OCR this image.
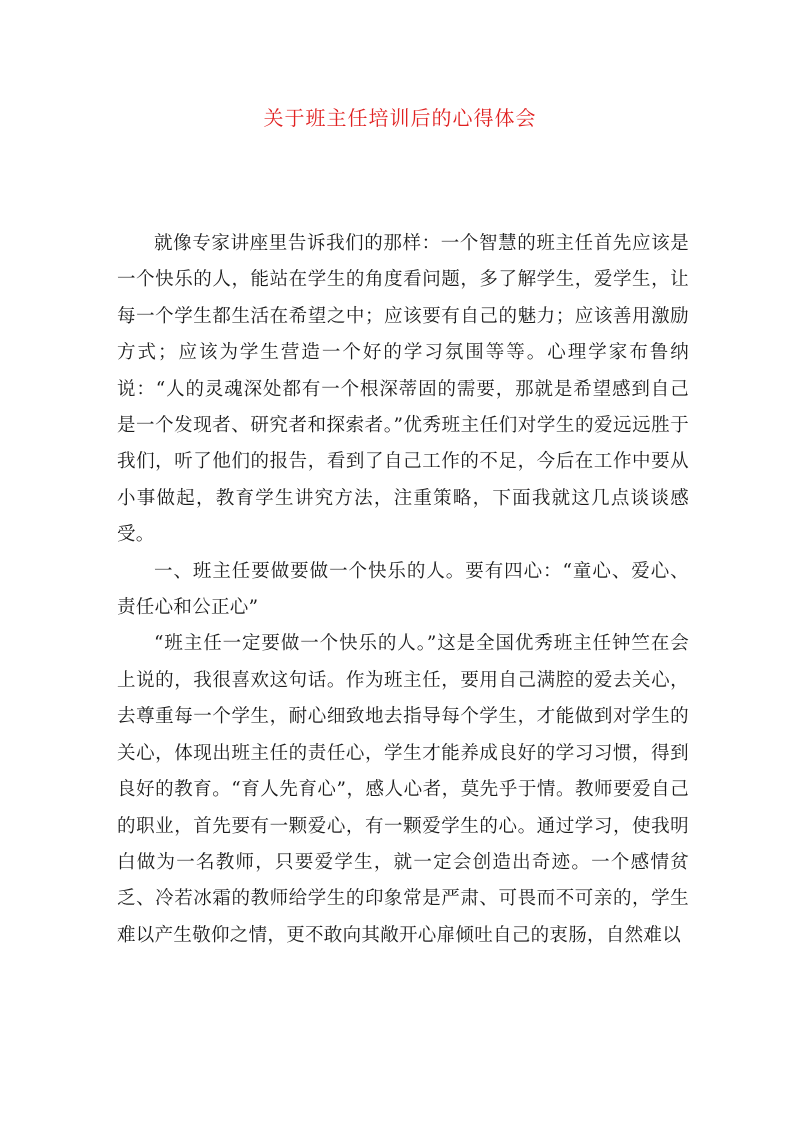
关于班主任培训后的心得体会

就像专家讲座里告诉我们的那样：一个智慧的班主任首先应该是一个快乐的人，能站在学生的角度看问题，多了解学生，爱学生，让每一个学生都生活在希望之中；应该要有自己的魅力；应该善用激励方式；应该为学生营造一个好的学习氛围等等。心理学家布鲁纳说：“人的灵魂深处都有一个根深蒂固的需要，那就是希望感到自己是一个发现者、研究者和探索者。”优秀班主任们对学生的爱远远胜于我们，听了他们的报告，看到了自己工作的不足，今后在工作中要从小事做起，教育学生讲究方法，注重策略，下面我就这几点谈谈感受。

一、班主任要做要做一个快乐的人。要有四心：“童心、爱心、责任心和公正心”

“班主任一定要做一个快乐的人。”这是全国优秀班主任钟竺在会上说的，我很喜欢这句话。作为班主任，要用自己满腔的爱去关心，去尊重每一个学生，耐心细致地去指导每个学生，才能做到对学生的关心，体现出班主任的责任心，学生才能养成良好的学习习惯，得到良好的教育。“育人先育心”，感人心者，莫先乎于情。教师要爱自己的职业，首先要有一颗爱心，有一颗爱学生的心。通过学习，使我明白做为一名教师，只要爱学生，就一定会创造出奇迹。一个感情贫乏、冷若冰霜的教师给学生的印象常是严肃、可畏而不可亲的，学生难以产生敬仰之情，更不敢向其敞开心扉倾吐自己的衷肠，自然难以
